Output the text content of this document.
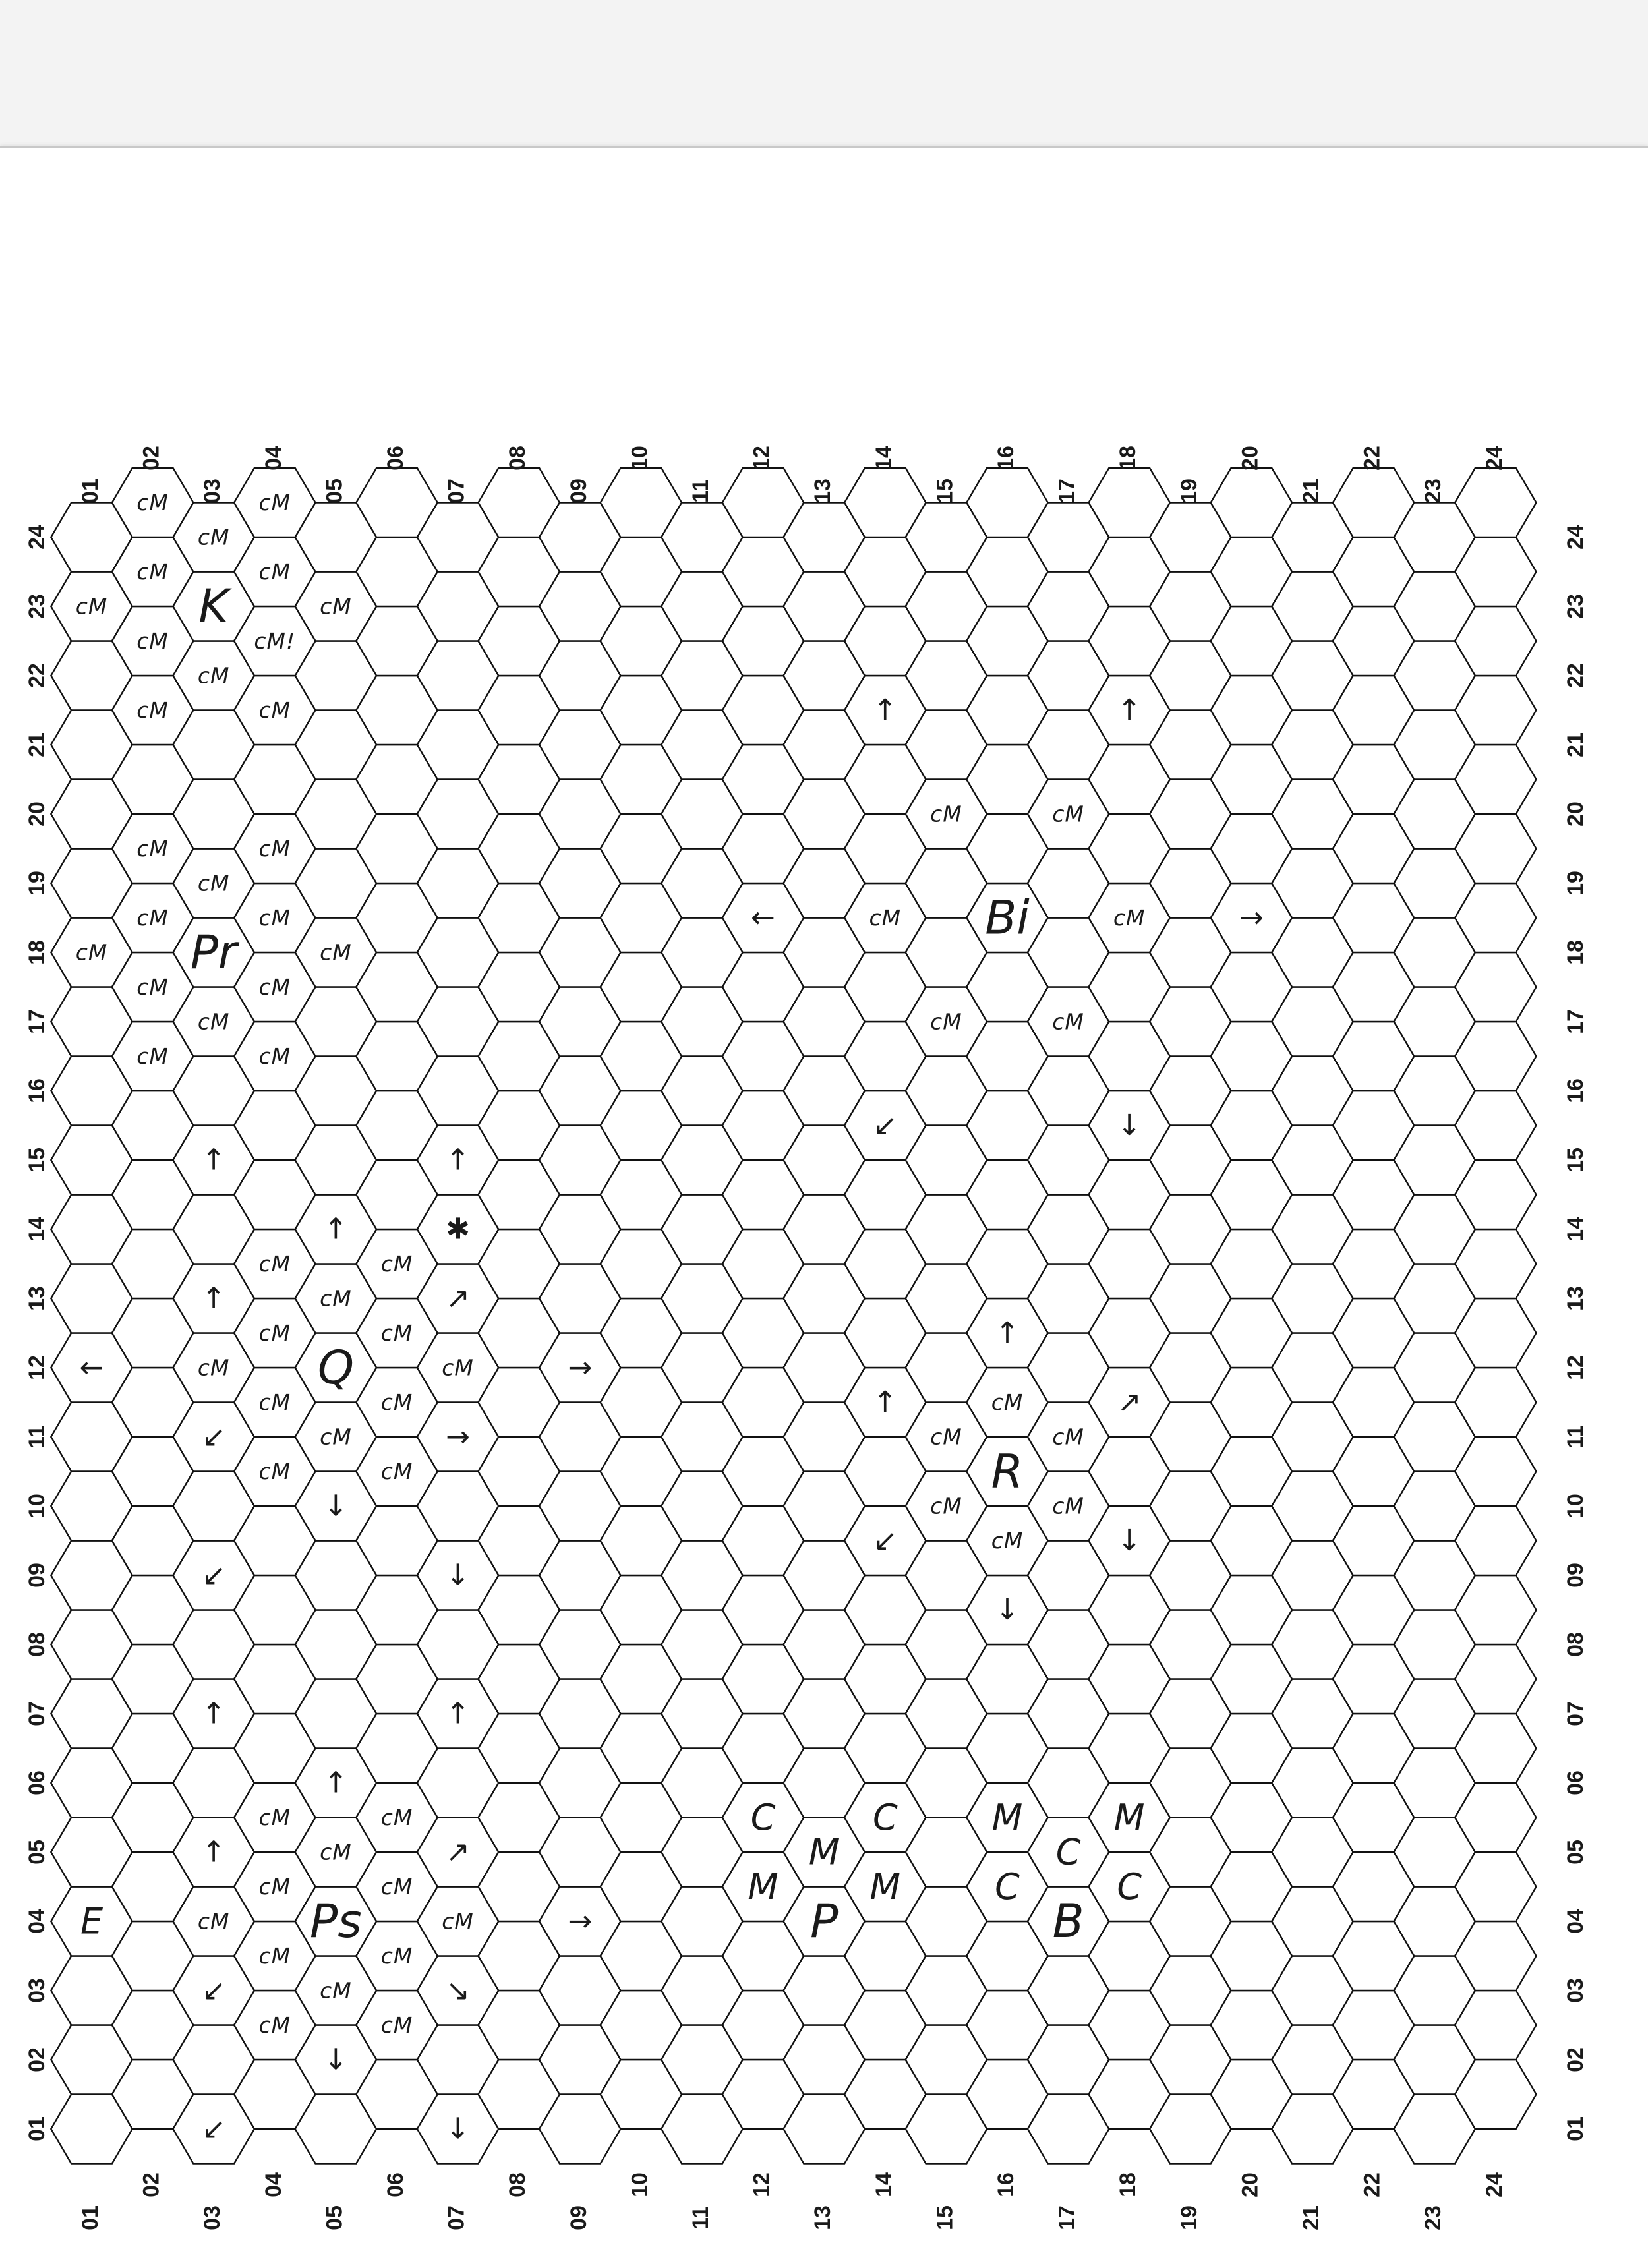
01
01
02
02
03
03
04
04
05
05
06
06
07
07
08
08
09
09
10
10
11
11
12
12
13
13
14
14
15
15
16
16
17
17
18
18
19
19
20
20
21
21
22
22
23
23
24
24
01	01
02	02
03	03
04	04
05	05
06	06
07	07
08	08
09	09
10	10
11	11
12	12
13	13
14	14
15	15
16	16
17	17
18	18
19	19
20	20
21	21
22	22
23	23
24	24
cM	cM
cM
cM
cM	cM
cM
K
cM	cM!
cM
cM	cM	↑	↑
cM	cM
cM	cM
cM
cM	cM
cM	cM
Pr
←	cM Bi	cM	→
cM	cM
cM
cM	cM
cM	cM
↙	↓
↑	↑
↑	✱
cM	cM
↑	cM	↗
cM	cM
←	cM Q	cM	→
↑
cM	cM
↙	cM	→
↑	cM	↗
cM	cM
cM	cM
R
↓	cM	cM
↙	↓
↙	cM	↓
↓
↑	↑
↑
cM	cM	C	C	M	M
↑	cM	↗	M	C
cM	cM	M	M	C	C
E	cM Ps	cM	→	P	B
cM	cM
↙	cM	↘
cM	cM
↓
↙	↓
